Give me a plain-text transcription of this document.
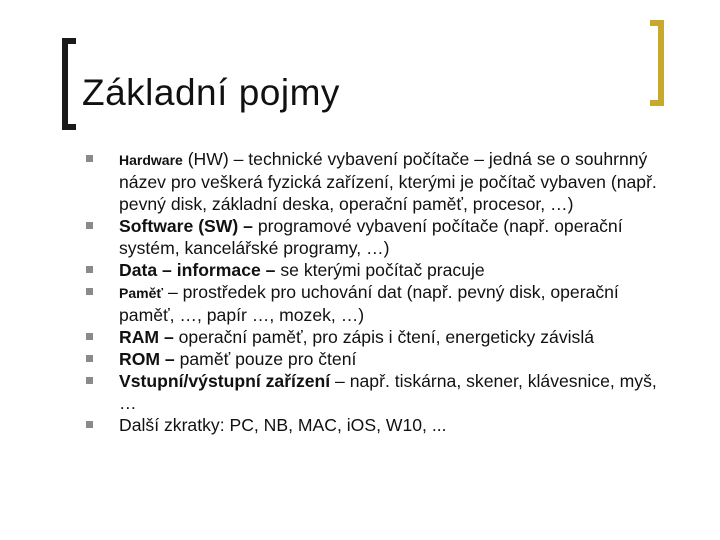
Základní pojmy
Hardware (HW) – technické vybavení počítače – jedná se o souhrnný název pro veškerá fyzická zařízení, kterými je počítač vybaven (např. pevný disk, základní deska, operační paměť, procesor, …)
Software (SW) – programové vybavení počítače (např. operační systém, kancelářské programy, …)
Data – informace – se kterými počítač pracuje
Paměť – prostředek pro uchování dat (např. pevný disk, operační paměť, …, papír …, mozek, …)
RAM – operační paměť, pro zápis i čtení, energeticky závislá
ROM – paměť pouze pro čtení
Vstupní/výstupní zařízení – např. tiskárna, skener, klávesnice, myš, …
Další zkratky: PC, NB, MAC, iOS, W10, ...
